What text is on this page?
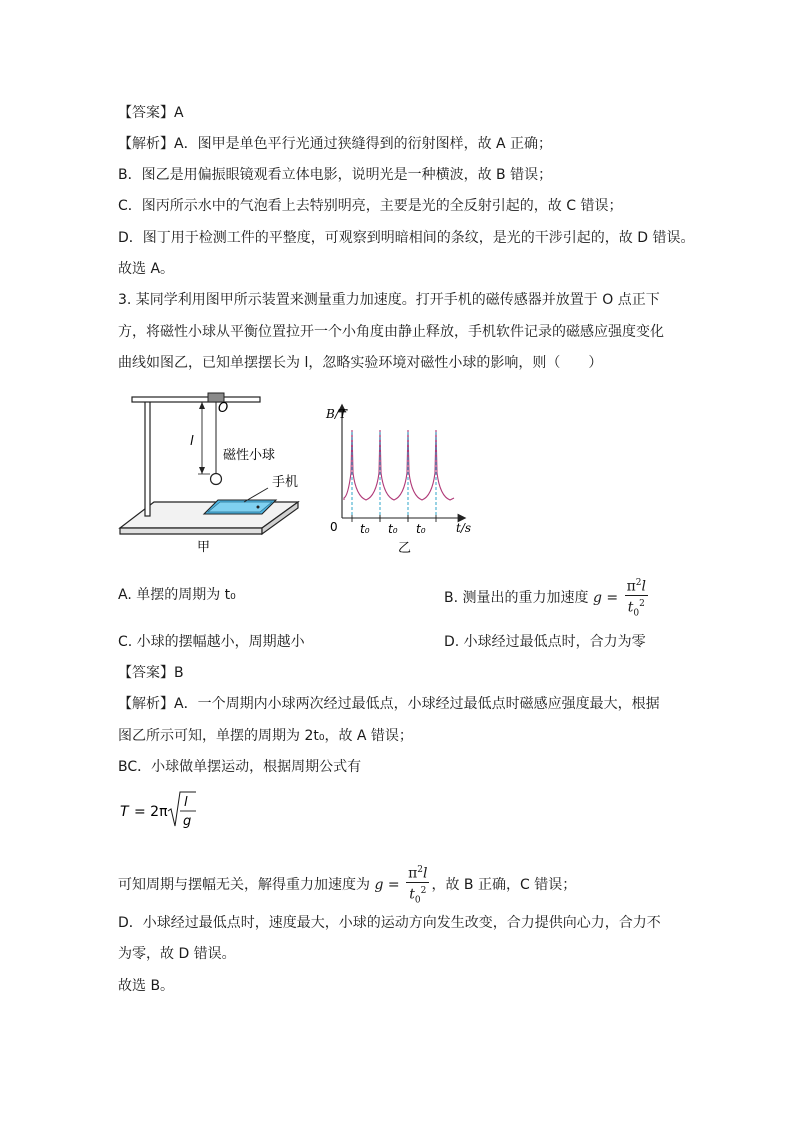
【答案】A
【解析】A．图甲是单色平行光通过狭缝得到的衍射图样，故 A 正确；
B．图乙是用偏振眼镜观看立体电影，说明光是一种横波，故 B 错误；
C．图丙所示水中的气泡看上去特别明亮，主要是光的全反射引起的，故 C 错误；
D．图丁用于检测工件的平整度，可观察到明暗相间的条纹，是光的干涉引起的，故 D 错误。
故选 A。
3. 某同学利用图甲所示装置来测量重力加速度。打开手机的磁传感器并放置于 O 点正下
方，将磁性小球从平衡位置拉开一个小角度由静止释放，手机软件记录的磁感应强度变化
曲线如图乙，已知单摆摆长为 l，忽略实验环境对磁性小球的影响，则（　　）
O
l
磁性小球
手机
甲
B/T
t/s
0 t₀ t₀ t₀
乙
A. 单摆的周期为 t₀	B. 测量出的重力加速度 $g = \frac{\pi^2l}{t_0^2}$
C. 小球的摆幅越小，周期越小	D. 小球经过最低点时，合力为零
【答案】B
【解析】A．一个周期内小球两次经过最低点，小球经过最低点时磁感应强度最大，根据
图乙所示可知，单摆的周期为 2t₀，故 A 错误；
BC．小球做单摆运动，根据周期公式有
T = 2π
l
g
可知周期与摆幅无关，解得重力加速度为 $g = \frac{\pi^2l}{t_0^2}$ ，故 B 正确，C 错误；
D．小球经过最低点时，速度最大，小球的运动方向发生改变，合力提供向心力，合力不
为零，故 D 错误。
故选 B。
